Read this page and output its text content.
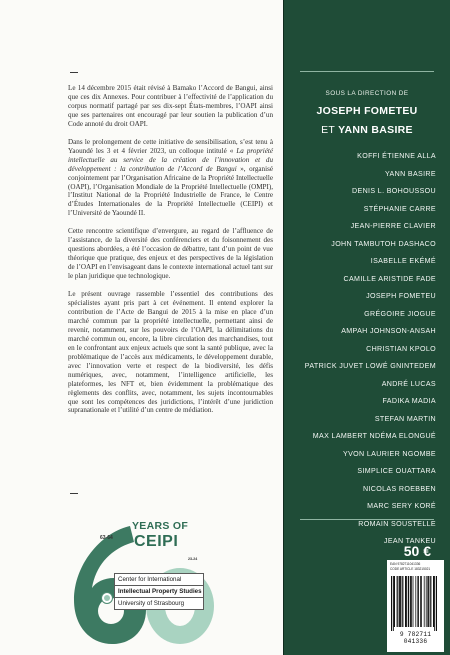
Le 14 décembre 2015 était révisé à Bamako l’Accord de Bangui, ainsi que ces dix Annexes. Pour contribuer à l’effectivité de l’application du corpus normatif partagé par ses dix-sept États-membres, l’OAPI ainsi que ses partenaires ont encouragé par leur soutien la publication d’un Code annoté du droit OAPI.

Dans le prolongement de cette initiative de sensibilisation, s’est tenu à Yaoundé les 3 et 4 février 2023, un colloque intitulé « La propriété intellectuelle au service de la création de l’innovation et du développement : la contribution de l’Accord de Bangui », organisé conjointement par l’Organisation Africaine de la Propriété Intellectuelle (OAPI), l’Organisation Mondiale de la Propriété Intellectuelle (OMPI), l’Institut National de la Propriété Industrielle de France, le Centre d’Études Internationales de la Propriété Intellectuelle (CEIPI) et l’Université de Yaoundé II.

Cette rencontre scientifique d’envergure, au regard de l’affluence de l’assistance, de la diversité des conférenciers et du foisonnement des questions abordées, a été l’occasion de débattre, tant d’un point de vue théorique que pratique, des enjeux et des perspectives de la législation de l’OAPI en l’envisageant dans le contexte international actuel tant sur le plan juridique que technologique.

Le présent ouvrage rassemble l’essentiel des contributions des spécialistes ayant pris part à cet événement. Il entend explorer la contribution de l’Acte de Bangui de 2015 à la mise en place d’un marché commun par la propriété intellectuelle, permettant ainsi de revenir, notamment, sur les pouvoirs de l’OAPI, la délimitations du marché commun ou, encore, la libre circulation des marchandises, tout en le confrontant aux enjeux actuels que sont la santé publique, avec la problématique de l’accès aux médicaments, le développement durable, avec l’innovation verte et respect de la biodiversité, les défis numériques, avec, notamment, l’intelligence artificielle, les plateformes, les NFT et, bien évidemment la problématique des règlements des conflits, avec, notamment, les sujets incontournables que sont les compétences des juridictions, l’intérêt d’une juridiction supranationale et l’utilité d’un centre de médiation.

YEARS OF
CEIPI
63-64
23-24
Center for International
Intellectual Property Studies
University of Strasbourg
SOUS LA DIRECTION DE
JOSEPH FOMETEU
ET YANN BASIRE
KOFFI ÉTIENNE ALLA
YANN BASIRE
DENIS L. BOHOUSSOU
STÉPHANIE CARRE
JEAN-PIERRE CLAVIER
JOHN TAMBUTOH DASHACO
ISABELLE EKÉMÉ
CAMILLE ARISTIDE FADE
JOSEPH FOMETEU
GRÉGOIRE JIOGUE
AMPAH JOHNSON-ANSAH
CHRISTIAN KPOLO
PATRICK JUVET LOWÉ GNINTEDEM
ANDRÉ LUCAS
FADIKA MADIA
STEFAN MARTIN
MAX LAMBERT NDÉMA ELONGUÉ
YVON LAURIER NGOMBE
SIMPLICE OUATTARA
NICOLAS ROEBBEN
MARC SERY KORÉ
ROMAIN SOUSTELLE
JEAN TANKEU
50 €
EAN 9782711041336
CODE ARTICLE 183215021
9 782711 041336
